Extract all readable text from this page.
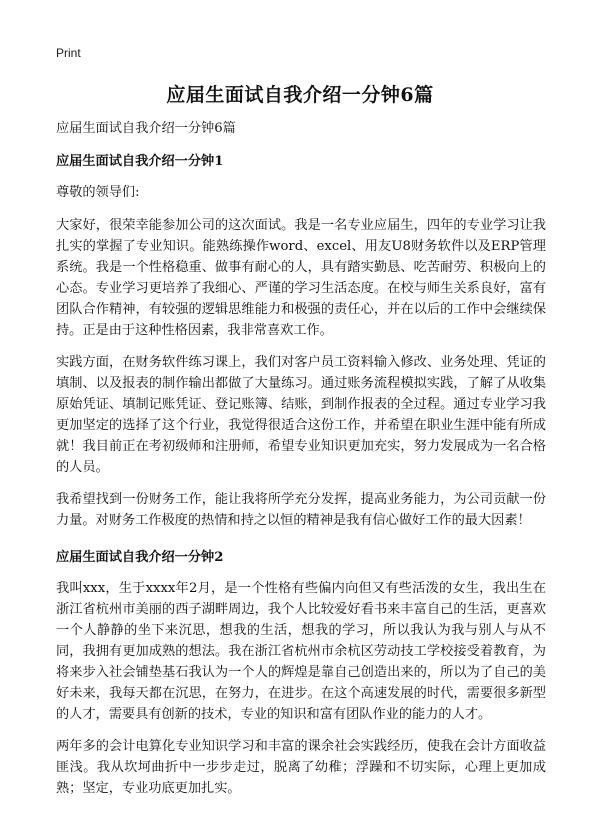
Print
应届生面试自我介绍一分钟6篇

应届生面试自我介绍一分钟6篇

应届生面试自我介绍一分钟1

尊敬的领导们:

大家好，很荣幸能参加公司的这次面试。我是一名专业应届生，四年的专业学习让我扎实的掌握了专业知识。能熟练操作word、excel、用友U8财务软件以及ERP管理系统。我是一个性格稳重、做事有耐心的人，具有踏实勤恳、吃苦耐劳、积极向上的心态。专业学习更培养了我细心、严谨的学习生活态度。在校与师生关系良好，富有团队合作精神，有较强的逻辑思维能力和极强的责任心，并在以后的工作中会继续保持。正是由于这种性格因素，我非常喜欢工作。

实践方面，在财务软件练习课上，我们对客户员工资料输入修改、业务处理、凭证的填制、以及报表的制作输出都做了大量练习。通过账务流程模拟实践，了解了从收集原始凭证、填制记账凭证、登记账簿、结账，到制作报表的全过程。通过专业学习我更加坚定的选择了这个行业，我觉得很适合这份工作，并希望在职业生涯中能有所成就！我目前正在考初级师和注册师，希望专业知识更加充实，努力发展成为一名合格的人员。

我希望找到一份财务工作，能让我将所学充分发挥，提高业务能力，为公司贡献一份力量。对财务工作极度的热情和持之以恒的精神是我有信心做好工作的最大因素！

应届生面试自我介绍一分钟2

我叫xxx，生于xxxx年2月，是一个性格有些偏内向但又有些活泼的女生，我出生在浙江省杭州市美丽的西子湖畔周边，我个人比较爱好看书来丰富自己的生活，更喜欢一个人静静的坐下来沉思，想我的生活，想我的学习，所以我认为我与别人与从不同，我拥有更加成熟的想法。我在浙江省杭州市余杭区劳动技工学校接受着教育，为将来步入社会铺垫基石我认为一个人的辉煌是靠自己创造出来的，所以为了自己的美好未来，我每天都在沉思，在努力，在进步。在这个高速发展的时代，需要很多新型的人才，需要具有创新的技术，专业的知识和富有团队作业的能力的人才。

两年多的会计电算化专业知识学习和丰富的课余社会实践经历，使我在会计方面收益匪浅。我从坎坷曲折中一步步走过，脱离了幼稚；浮躁和不切实际，心理上更加成熟；坚定，专业功底更加扎实。
